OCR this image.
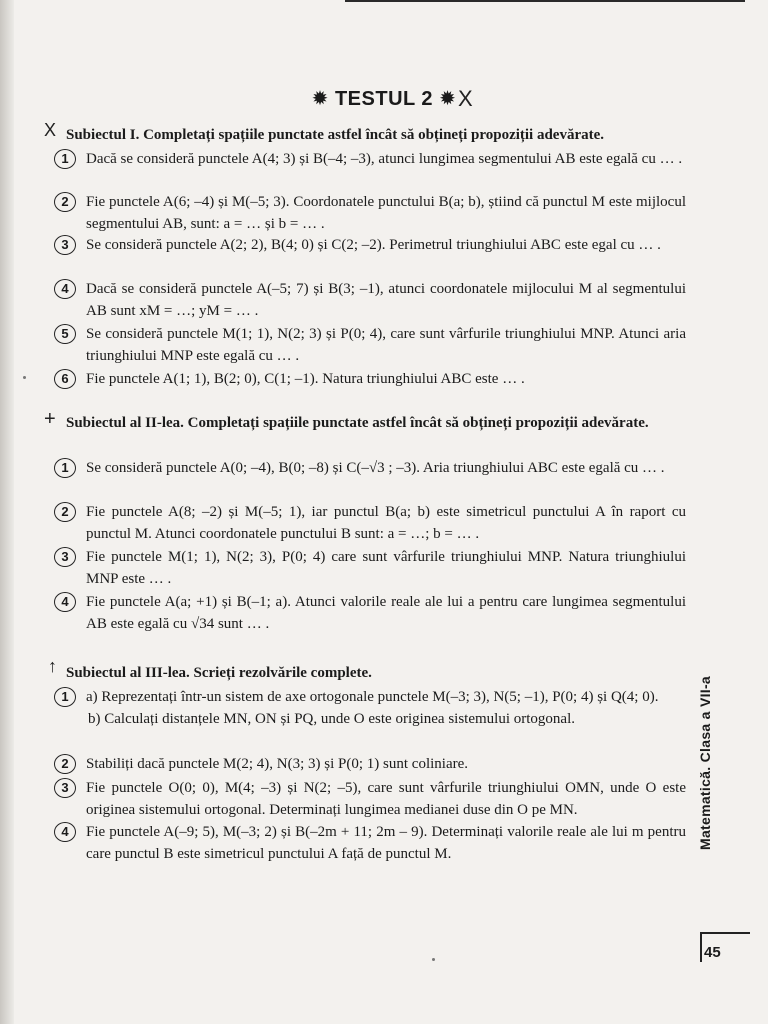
✹ TESTUL 2 ✹ X
X Subiectul I. Completați spațiile punctate astfel încât să obțineți propoziții adevărate.
1	Dacă se consideră punctele A(4; 3) și B(–4; –3), atunci lungimea segmentului AB este egală cu … .
2	Fie punctele A(6; –4) și M(–5; 3). Coordonatele punctului B(a; b), știind că punctul M este mijlocul segmentului AB, sunt: a = … și b = … .
3	Se consideră punctele A(2; 2), B(4; 0) și C(2; –2). Perimetrul triunghiului ABC este egal cu … .
4	Dacă se consideră punctele A(–5; 7) și B(3; –1), atunci coordonatele mijlocului M al segmentului AB sunt xM = …; yM = … .
5	Se consideră punctele M(1; 1), N(2; 3) și P(0; 4), care sunt vârfurile triunghiului MNP. Atunci aria triunghiului MNP este egală cu … .
6	Fie punctele A(1; 1), B(2; 0), C(1; –1). Natura triunghiului ABC este … .
+ Subiectul al II-lea. Completați spațiile punctate astfel încât să obțineți propoziții adevărate.
1	Se consideră punctele A(0; –4), B(0; –8) și C(–√3 ; –3). Aria triunghiului ABC este egală cu … .
2	Fie punctele A(8; –2) și M(–5; 1), iar punctul B(a; b) este simetricul punctului A în raport cu punctul M. Atunci coordonatele punctului B sunt: a = …; b = … .
3	Fie punctele M(1; 1), N(2; 3), P(0; 4) care sunt vârfurile triunghiului MNP. Natura triunghiului MNP este … .
4	Fie punctele A(a; +1) și B(–1; a). Atunci valorile reale ale lui a pentru care lungimea segmentului AB este egală cu √34 sunt … .
↑ Subiectul al III-lea. Scrieți rezolvările complete.
1	a) Reprezentați într-un sistem de axe ortogonale punctele M(–3; 3), N(5; –1), P(0; 4) și Q(4; 0).
b) Calculați distanțele MN, ON și PQ, unde O este originea sistemului ortogonal.
2	Stabiliți dacă punctele M(2; 4), N(3; 3) și P(0; 1) sunt coliniare.
3	Fie punctele O(0; 0), M(4; –3) și N(2; –5), care sunt vârfurile triunghiului OMN, unde O este originea sistemului ortogonal. Determinați lungimea medianei duse din O pe MN.
4	Fie punctele A(–9; 5), M(–3; 2) și B(–2m + 11; 2m – 9). Determinați valorile reale ale lui m pentru care punctul B este simetricul punctului A față de punctul M.
Matematică. Clasa a VII-a
45
